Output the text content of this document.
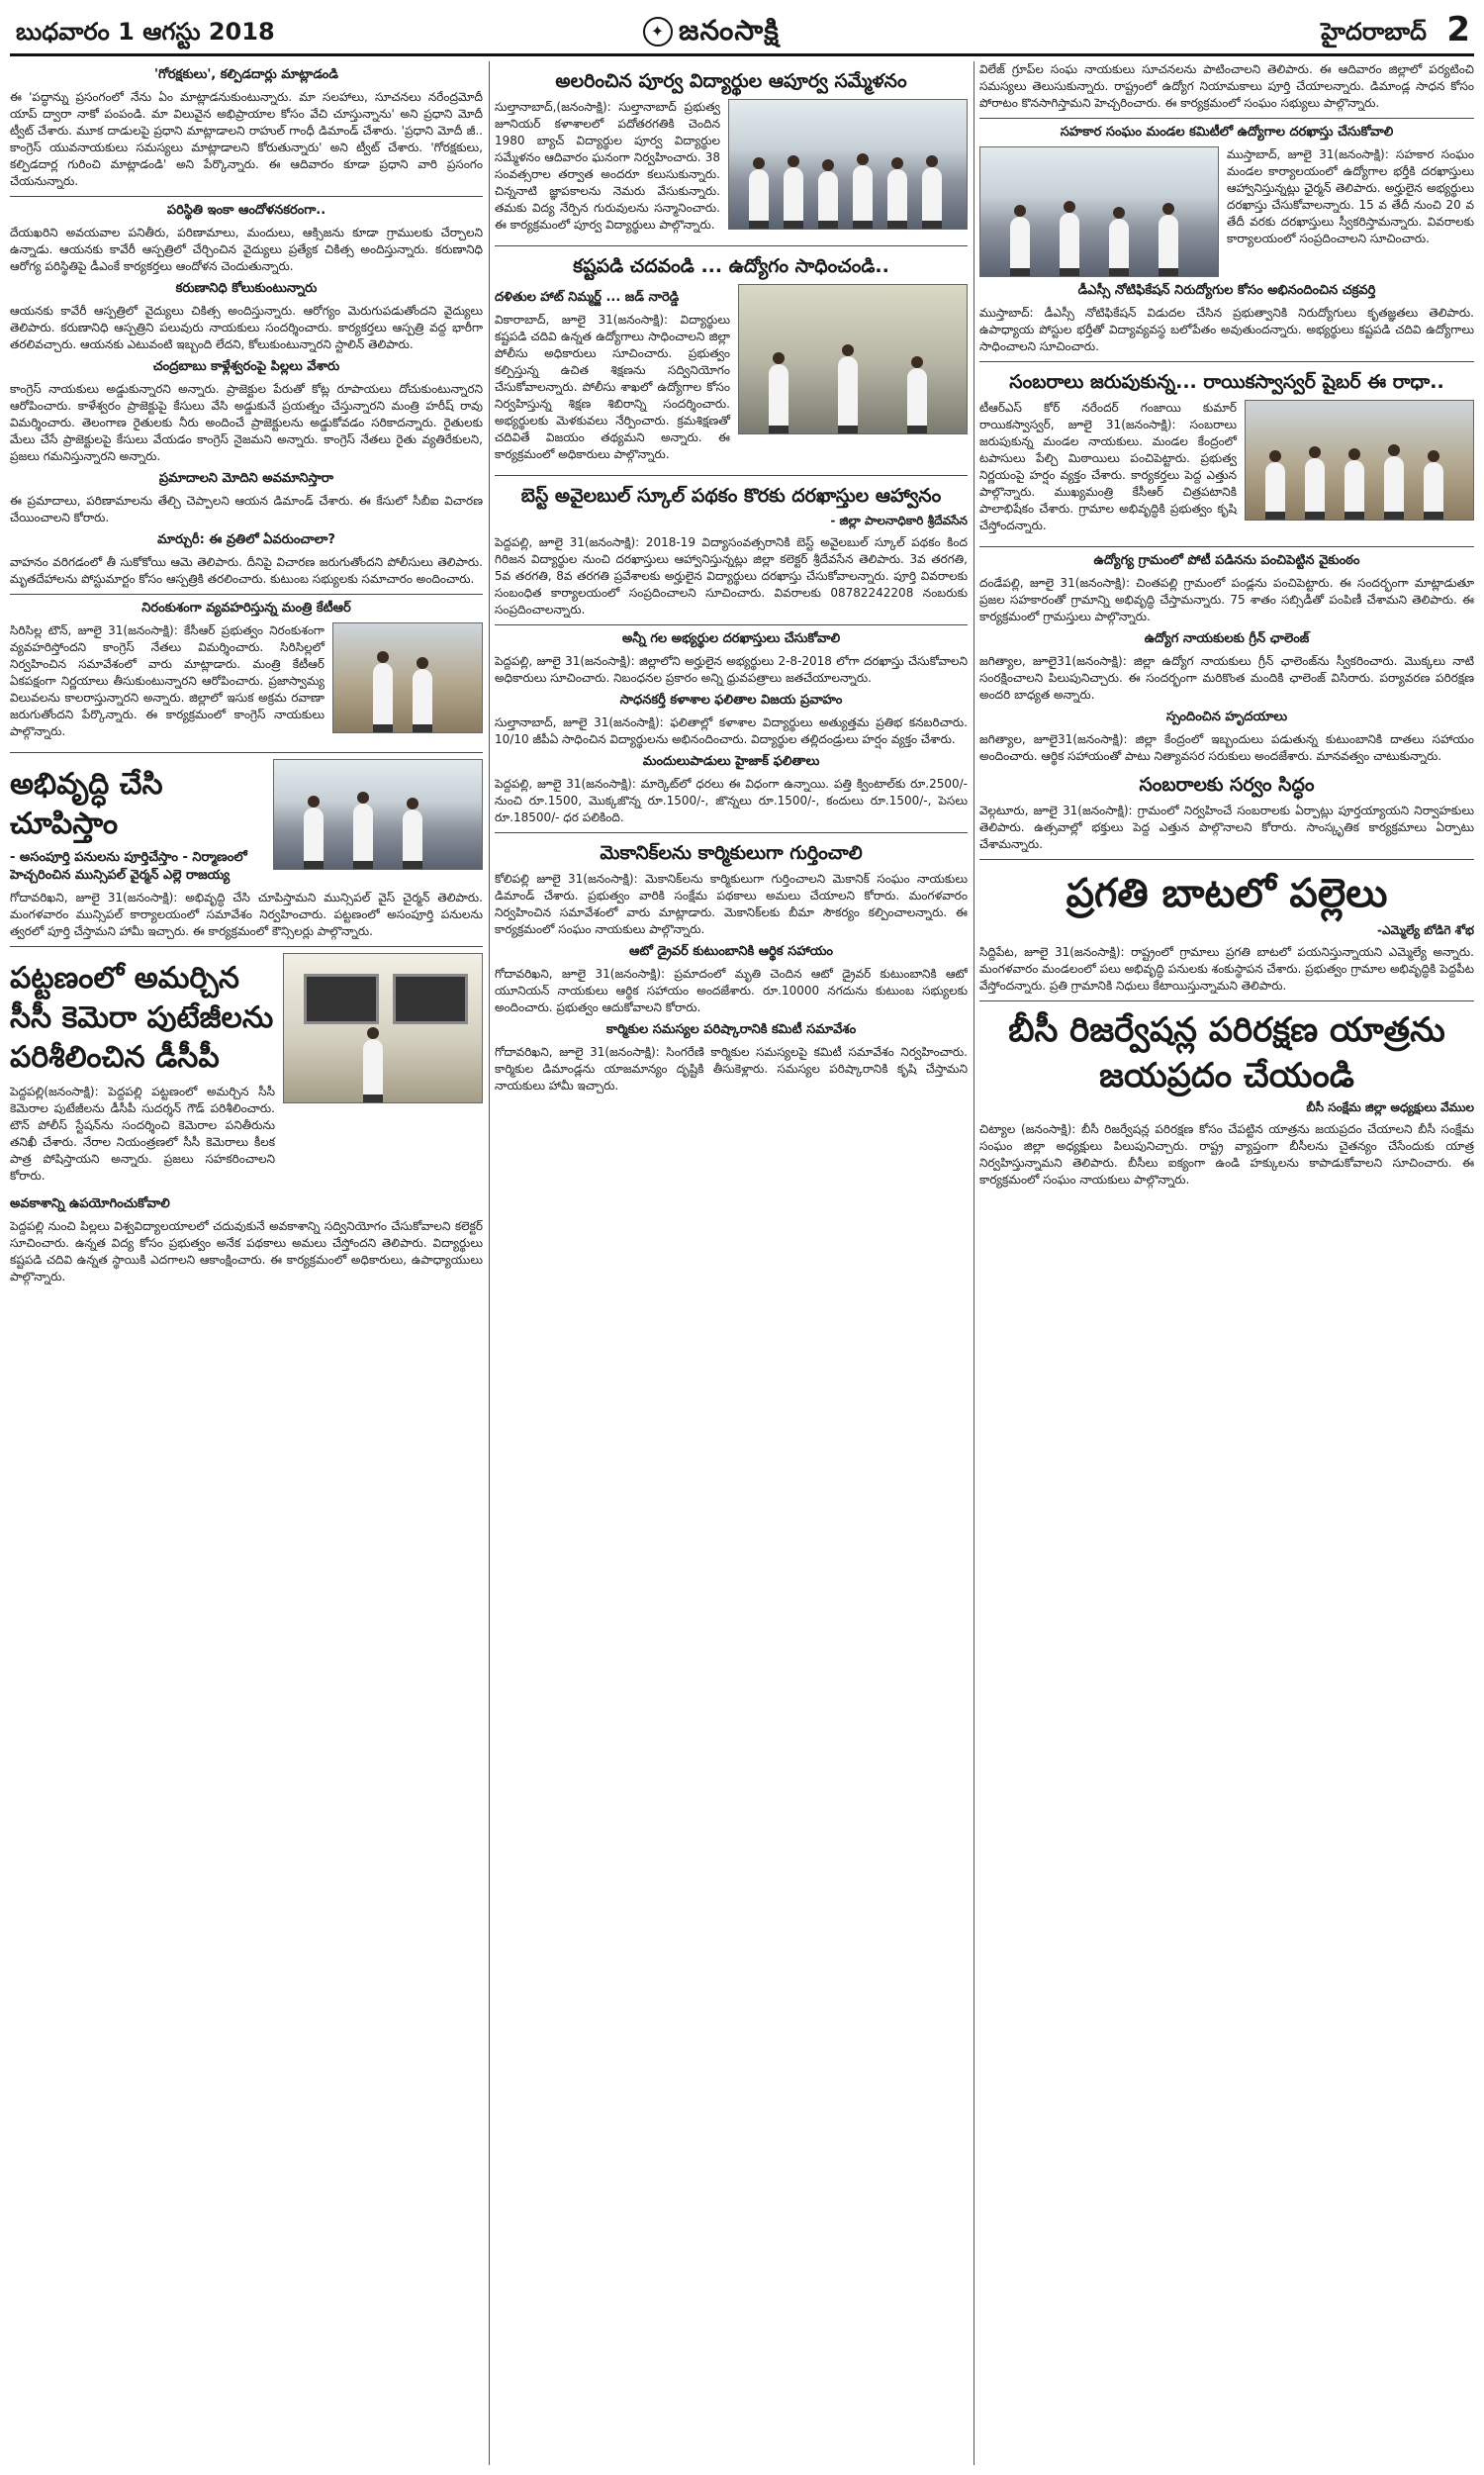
బుధవారం 1 ఆగస్టు 2018	✦ జనంసాక్షి	హైదరాబాద్ 2
'గోరక్షకులు', కల్పిడదార్లు మాట్లాడండి

ఈ 'పద్ధాన్ను ప్రసంగంలో నేను ఏం మాట్లాడనుకుంటున్నారు. మా సలహాలు, సూచనలు నరేంద్రమోదీ యాప్ ద్వారా నాకో పంపండి. మా విలువైన అభిప్రాయాల కోసం వేచి చూస్తున్నాను' అని ప్రధాని మోదీ ట్వీట్ చేశారు. మూక దాడులపై ప్రధాని మాట్లాడాలని రాహుల్ గాంధీ డిమాండ్ చేశారు. 'ప్రధాని మోదీ జీ.. కాంగ్రెస్ యువనాయకులు సమస్యలు మాట్లాడాలని కోరుతున్నారు' అని ట్వీట్ చేశారు. 'గోరక్షకులు, కల్పిడదార్ల గురించి మాట్లాడండి' అని పేర్కొన్నారు. ఈ ఆదివారం కూడా ప్రధాని వారి ప్రసంగం చేయనున్నారు.

పరిస్థితి ఇంకా ఆందోళనకరంగా..

దేయఖరిని అవయవాల పనితీరు, పరిణామాలు, మందులు, ఆక్సిజను కూడా గ్రాములకు చేర్చాలని ఉన్నాడు. ఆయనకు కావేరీ ఆస్పత్రిలో చేర్చించిన వైద్యులు ప్రత్యేక చికిత్స అందిస్తున్నారు. కరుణానిధి ఆరోగ్య పరిస్థితిపై డీఎంకే కార్యకర్తలు ఆందోళన చెందుతున్నారు.

కరుణానిధి కోలుకుంటున్నారు

ఆయనకు కావేరీ ఆస్పత్రిలో వైద్యులు చికిత్స అందిస్తున్నారు. ఆరోగ్యం మెరుగుపడుతోందని వైద్యులు తెలిపారు. కరుణానిధి ఆస్పత్రిని పలువురు నాయకులు సందర్శించారు. కార్యకర్తలు ఆస్పత్రి వద్ద భారీగా తరలివచ్చారు. ఆయనకు ఎటువంటి ఇబ్బంది లేదని, కోలుకుంటున్నారని స్టాలిన్ తెలిపారు.

చంద్రబాబు కాళ్లేశ్వరంపై పిల్లలు వేశారు

కాంగ్రెస్ నాయకులు అడ్డుకున్నారని అన్నారు. ప్రాజెక్టుల పేరుతో కోట్ల రూపాయలు దోచుకుంటున్నారని ఆరోపించారు. కాళేశ్వరం ప్రాజెక్టుపై కేసులు వేసి అడ్డుకునే ప్రయత్నం చేస్తున్నారని మంత్రి హరీష్ రావు విమర్శించారు. తెలంగాణ రైతులకు నీరు అందించే ప్రాజెక్టులను అడ్డుకోవడం సరికాదన్నారు. రైతులకు మేలు చేసే ప్రాజెక్టులపై కేసులు వేయడం కాంగ్రెస్ నైజమని అన్నారు. కాంగ్రెస్ నేతలు రైతు వ్యతిరేకులని, ప్రజలు గమనిస్తున్నారని అన్నారు.

ప్రమాదాలని మోదిని అవమానిస్తారా

ఈ ప్రమాదాలు, పరిణామాలను తేల్చి చెప్పాలని ఆయన డిమాండ్ చేశారు. ఈ కేసులో సీబీఐ విచారణ చేయించాలని కోరారు.

మార్చురీ: ఈ వ్రతిలో ఏవరుంచాలా?

వాహనం వరిగడంలో తీ సుకోకోయి ఆమె తెలిపారు. దీనిపై విచారణ జరుగుతోందని పోలీసులు తెలిపారు. మృతదేహాలను పోస్టుమార్టం కోసం ఆస్పత్రికి తరలించారు. కుటుంబ సభ్యులకు సమాచారం అందించారు.

నిరంకుశంగా వ్యవహరిస్తున్న మంత్రి కేటీఆర్

సిరిసిల్ల టౌన్, జూలై 31(జనంసాక్షి): కేసీఆర్ ప్రభుత్వం నిరంకుశంగా వ్యవహరిస్తోందని కాంగ్రెస్ నేతలు విమర్శించారు. సిరిసిల్లలో నిర్వహించిన సమావేశంలో వారు మాట్లాడారు. మంత్రి కేటీఆర్ ఏకపక్షంగా నిర్ణయాలు తీసుకుంటున్నారని ఆరోపించారు. ప్రజాస్వామ్య విలువలను కాలరాస్తున్నారని అన్నారు. జిల్లాలో ఇసుక అక్రమ రవాణా జరుగుతోందని పేర్కొన్నారు. ఈ కార్యక్రమంలో కాంగ్రెస్ నాయకులు పాల్గొన్నారు.

అభివృద్ధి చేసి చూపిస్తాం
- అసంపూర్తి పనులను పూర్తిచేస్తాం - నిర్మాణంలో హెచ్చరించిన మున్సిపల్ వైర్మన్ ఎల్లె రాజయ్య

గోదావరిఖని, జూలై 31(జనంసాక్షి): అభివృద్ధి చేసి చూపిస్తామని మున్సిపల్ వైస్ చైర్మన్ తెలిపారు. మంగళవారం మున్సిపల్ కార్యాలయంలో సమావేశం నిర్వహించారు. పట్టణంలో అసంపూర్తి పనులను త్వరలో పూర్తి చేస్తామని హామీ ఇచ్చారు. ఈ కార్యక్రమంలో కౌన్సిలర్లు పాల్గొన్నారు.

పట్టణంలో అమర్చిన సీసీ కెమెరా పుటేజీలను పరిశీలించిన డీసీపీ

పెద్దపల్లి(జనంసాక్షి): పెద్దపల్లి పట్టణంలో అమర్చిన సీసీ కెమెరాల పుటేజీలను డీసీపీ సుదర్శన్ గౌడ్ పరిశీలించారు. టౌన్ పోలీస్ స్టేషన్‌ను సందర్శించి కెమెరాల పనితీరును తనిఖీ చేశారు. నేరాల నియంత్రణలో సీసీ కెమెరాలు కీలక పాత్ర పోషిస్తాయని అన్నారు. ప్రజలు సహకరించాలని కోరారు.

అవకాశాన్ని ఉపయోగించుకోవాలి

పెద్దపల్లి నుంచి పిల్లలు విశ్వవిద్యాలయాలలో చదువుకునే అవకాశాన్ని సద్వినియోగం చేసుకోవాలని కలెక్టర్ సూచించారు. ఉన్నత విద్య కోసం ప్రభుత్వం అనేక పథకాలు అమలు చేస్తోందని తెలిపారు. విద్యార్థులు కష్టపడి చదివి ఉన్నత స్థాయికి ఎదగాలని ఆకాంక్షించారు. ఈ కార్యక్రమంలో అధికారులు, ఉపాధ్యాయులు పాల్గొన్నారు.

అలరించిన పూర్వ విద్యార్థుల ఆపూర్వ సమ్మేళనం

సుల్తానాబాద్,(జనంసాక్షి): సుల్తానాబాద్ ప్రభుత్వ జూనియర్ కళాశాలలో పదోతరగతికి చెందిన 1980 బ్యాచ్ విద్యార్థుల పూర్వ విద్యార్థుల సమ్మేళనం ఆదివారం ఘనంగా నిర్వహించారు. 38 సంవత్సరాల తర్వాత అందరూ కలుసుకున్నారు. చిన్ననాటి జ్ఞాపకాలను నెమరు వేసుకున్నారు. తమకు విద్య నేర్పిన గురువులను సన్మానించారు. ఈ కార్యక్రమంలో పూర్వ విద్యార్థులు పాల్గొన్నారు.

కష్టపడి చదవండి ... ఉద్యోగం సాధించండి..
దళితుల హాట్ నిమ్మర్జ్ ... జడ్ నారెడ్డి

వికారాబాద్, జూలై 31(జనంసాక్షి): విద్యార్థులు కష్టపడి చదివి ఉన్నత ఉద్యోగాలు సాధించాలని జిల్లా పోలీసు అధికారులు సూచించారు. ప్రభుత్వం కల్పిస్తున్న ఉచిత శిక్షణను సద్వినియోగం చేసుకోవాలన్నారు. పోలీసు శాఖలో ఉద్యోగాల కోసం నిర్వహిస్తున్న శిక్షణ శిబిరాన్ని సందర్శించారు. అభ్యర్థులకు మెళకువలు నేర్పించారు. క్రమశిక్షణతో చదివితే విజయం తథ్యమని అన్నారు. ఈ కార్యక్రమంలో అధికారులు పాల్గొన్నారు.

బెస్ట్ అవైలబుల్ స్కూల్ పథకం కొరకు దరఖాస్తుల ఆహ్వానం
- జిల్లా పాలనాధికారి శ్రీదేవసేన

పెద్దపల్లి, జూలై 31(జనంసాక్షి): 2018-19 విద్యాసంవత్సరానికి బెస్ట్ అవైలబుల్ స్కూల్ పథకం కింద గిరిజన విద్యార్థుల నుంచి దరఖాస్తులు ఆహ్వానిస్తున్నట్లు జిల్లా కలెక్టర్ శ్రీదేవసేన తెలిపారు. 3వ తరగతి, 5వ తరగతి, 8వ తరగతి ప్రవేశాలకు అర్హులైన విద్యార్థులు దరఖాస్తు చేసుకోవాలన్నారు. పూర్తి వివరాలకు సంబంధిత కార్యాలయంలో సంప్రదించాలని సూచించారు. వివరాలకు 08782242208 నంబరుకు సంప్రదించాలన్నారు.

అన్నీ గల అభ్యర్థుల దరఖాస్తులు చేసుకోవాలి

పెద్దపల్లి, జూలై 31(జనంసాక్షి): జిల్లాలోని అర్హులైన అభ్యర్థులు 2-8-2018 లోగా దరఖాస్తు చేసుకోవాలని అధికారులు సూచించారు. నిబంధనల ప్రకారం అన్ని ధ్రువపత్రాలు జతచేయాలన్నారు.

సాధనకర్తీ కళాశాల ఫలితాల విజయ ప్రవాహం

సుల్తానాబాద్, జూలై 31(జనంసాక్షి): ఫలితాల్లో కళాశాల విద్యార్థులు అత్యుత్తమ ప్రతిభ కనబరిచారు. 10/10 జీపీఏ సాధించిన విద్యార్థులను అభినందించారు. విద్యార్థుల తల్లిదండ్రులు హర్షం వ్యక్తం చేశారు.

మందులుపాడులు హైజాక్ ఫలితాలు

పెద్దపల్లి, జూలై 31(జనంసాక్షి): మార్కెట్‌లో ధరలు ఈ విధంగా ఉన్నాయి. పత్తి క్వింటాల్‌కు రూ.2500/- నుంచి రూ.1500, మొక్కజొన్న రూ.1500/-, జొన్నలు రూ.1500/-, కందులు రూ.1500/-, పెసలు రూ.18500/- ధర పలికింది.

మెకానిక్‌లను కార్మికులుగా గుర్తించాలి

కోలిపల్లి జూలై 31(జనంసాక్షి): మెకానిక్‌లను కార్మికులుగా గుర్తించాలని మెకానిక్ సంఘం నాయకులు డిమాండ్ చేశారు. ప్రభుత్వం వారికి సంక్షేమ పథకాలు అమలు చేయాలని కోరారు. మంగళవారం నిర్వహించిన సమావేశంలో వారు మాట్లాడారు. మెకానిక్‌లకు బీమా సౌకర్యం కల్పించాలన్నారు. ఈ కార్యక్రమంలో సంఘం నాయకులు పాల్గొన్నారు.

ఆటో డ్రైవర్ కుటుంబానికి ఆర్థిక సహాయం

గోదావరిఖని, జూలై 31(జనంసాక్షి): ప్రమాదంలో మృతి చెందిన ఆటో డ్రైవర్ కుటుంబానికి ఆటో యూనియన్ నాయకులు ఆర్థిక సహాయం అందజేశారు. రూ.10000 నగదును కుటుంబ సభ్యులకు అందించారు. ప్రభుత్వం ఆదుకోవాలని కోరారు.

కార్మికుల సమస్యల పరిష్కారానికి కమిటీ సమావేశం

గోదావరిఖని, జూలై 31(జనంసాక్షి): సింగరేణి కార్మికుల సమస్యలపై కమిటీ సమావేశం నిర్వహించారు. కార్మికుల డిమాండ్లను యాజమాన్యం దృష్టికి తీసుకెళ్లారు. సమస్యల పరిష్కారానికి కృషి చేస్తామని నాయకులు హామీ ఇచ్చారు.

విలేజ్ గ్రూప్‌ల సంఘ నాయకులు సూచనలను పాటించాలని తెలిపారు. ఈ ఆదివారం జిల్లాలో పర్యటించి సమస్యలు తెలుసుకున్నారు. రాష్ట్రంలో ఉద్యోగ నియామకాలు పూర్తి చేయాలన్నారు. డిమాండ్ల సాధన కోసం పోరాటం కొనసాగిస్తామని హెచ్చరించారు. ఈ కార్యక్రమంలో సంఘం సభ్యులు పాల్గొన్నారు.

సహకార సంఘం మండల కమిటీలో ఉద్యోగాల దరఖాస్తు చేసుకోవాలి

ముస్తాబాద్, జూలై 31(జనంసాక్షి): సహకార సంఘం మండల కార్యాలయంలో ఉద్యోగాల భర్తీకి దరఖాస్తులు ఆహ్వానిస్తున్నట్లు ఛైర్మన్ తెలిపారు. అర్హులైన అభ్యర్థులు దరఖాస్తు చేసుకోవాలన్నారు. 15 వ తేదీ నుంచి 20 వ తేదీ వరకు దరఖాస్తులు స్వీకరిస్తామన్నారు. వివరాలకు కార్యాలయంలో సంప్రదించాలని సూచించారు.

డీఎస్సీ నోటిఫికేషన్ నిరుద్యోగుల కోసం అభినందించిన చక్రవర్తి

ముస్తాబాద్: డీఎస్సీ నోటిఫికేషన్ విడుదల చేసిన ప్రభుత్వానికి నిరుద్యోగులు కృతజ్ఞతలు తెలిపారు. ఉపాధ్యాయ పోస్టుల భర్తీతో విద్యావ్యవస్థ బలోపేతం అవుతుందన్నారు. అభ్యర్థులు కష్టపడి చదివి ఉద్యోగాలు సాధించాలని సూచించారు.

సంబరాలు జరుపుకున్న... రాయికస్వాస్వర్ షైబర్ ఈ రాధా..

టీఆర్ఎస్ కోర్ నరేందర్ గంజాయి కుమార్ రాయికస్వాస్వర్, జూలై 31(జనంసాక్షి): సంబరాలు జరుపుకున్న మండల నాయకులు. మండల కేంద్రంలో టపాసులు పేల్చి మిఠాయిలు పంచిపెట్టారు. ప్రభుత్వ నిర్ణయంపై హర్షం వ్యక్తం చేశారు. కార్యకర్తలు పెద్ద ఎత్తున పాల్గొన్నారు. ముఖ్యమంత్రి కేసీఆర్ చిత్రపటానికి పాలాభిషేకం చేశారు. గ్రామాల అభివృద్ధికి ప్రభుత్వం కృషి చేస్తోందన్నారు.

ఉద్యోగ్య గ్రామంలో పోటీ పడినను పంచిపెట్టిన వైకుంఠం

దండేపల్లి, జూలై 31(జనంసాక్షి): చింతపల్లి గ్రామంలో పండ్లను పంచిపెట్టారు. ఈ సందర్భంగా మాట్లాడుతూ ప్రజల సహకారంతో గ్రామాన్ని అభివృద్ధి చేస్తామన్నారు. 75 శాతం సబ్సిడీతో పంపిణీ చేశామని తెలిపారు. ఈ కార్యక్రమంలో గ్రామస్తులు పాల్గొన్నారు.

ఉద్యోగ నాయకులకు గ్రీన్ ఛాలెంజ్

జగిత్యాల, జూలై31(జనంసాక్షి): జిల్లా ఉద్యోగ నాయకులు గ్రీన్ ఛాలెంజ్‌ను స్వీకరించారు. మొక్కలు నాటి సంరక్షించాలని పిలుపునిచ్చారు. ఈ సందర్భంగా మరికొంత మందికి ఛాలెంజ్ విసిరారు. పర్యావరణ పరిరక్షణ అందరి బాధ్యత అన్నారు.

స్పందించిన హృదయాలు

జగిత్యాల, జూలై31(జనంసాక్షి): జిల్లా కేంద్రంలో ఇబ్బందులు పడుతున్న కుటుంబానికి దాతలు సహాయం అందించారు. ఆర్థిక సహాయంతో పాటు నిత్యావసర సరుకులు అందజేశారు. మానవత్వం చాటుకున్నారు.

సంబరాలకు సర్వం సిద్ధం

వెల్గటూరు, జూలై 31(జనంసాక్షి): గ్రామంలో నిర్వహించే సంబరాలకు ఏర్పాట్లు పూర్తయ్యాయని నిర్వాహకులు తెలిపారు. ఉత్సవాల్లో భక్తులు పెద్ద ఎత్తున పాల్గొనాలని కోరారు. సాంస్కృతిక కార్యక్రమాలు ఏర్పాటు చేశామన్నారు.

ప్రగతి బాటలో పల్లెలు
-ఎమ్మెల్యే బోడిగె శోభ

సిద్దిపేట, జూలై 31(జనంసాక్షి): రాష్ట్రంలో గ్రామాలు ప్రగతి బాటలో పయనిస్తున్నాయని ఎమ్మెల్యే అన్నారు. మంగళవారం మండలంలో పలు అభివృద్ధి పనులకు శంకుస్థాపన చేశారు. ప్రభుత్వం గ్రామాల అభివృద్ధికి పెద్దపీట వేస్తోందన్నారు. ప్రతి గ్రామానికి నిధులు కేటాయిస్తున్నామని తెలిపారు.

బీసీ రిజర్వేషన్ల పరిరక్షణ యాత్రను జయప్రదం చేయండి
బీసీ సంక్షేమ జిల్లా అధ్యక్షులు వేముల

చిట్యాల (జనంసాక్షి): బీసీ రిజర్వేషన్ల పరిరక్షణ కోసం చేపట్టిన యాత్రను జయప్రదం చేయాలని బీసీ సంక్షేమ సంఘం జిల్లా అధ్యక్షులు పిలుపునిచ్చారు. రాష్ట్ర వ్యాప్తంగా బీసీలను చైతన్యం చేసేందుకు యాత్ర నిర్వహిస్తున్నామని తెలిపారు. బీసీలు ఐక్యంగా ఉండి హక్కులను కాపాడుకోవాలని సూచించారు. ఈ కార్యక్రమంలో సంఘం నాయకులు పాల్గొన్నారు.
